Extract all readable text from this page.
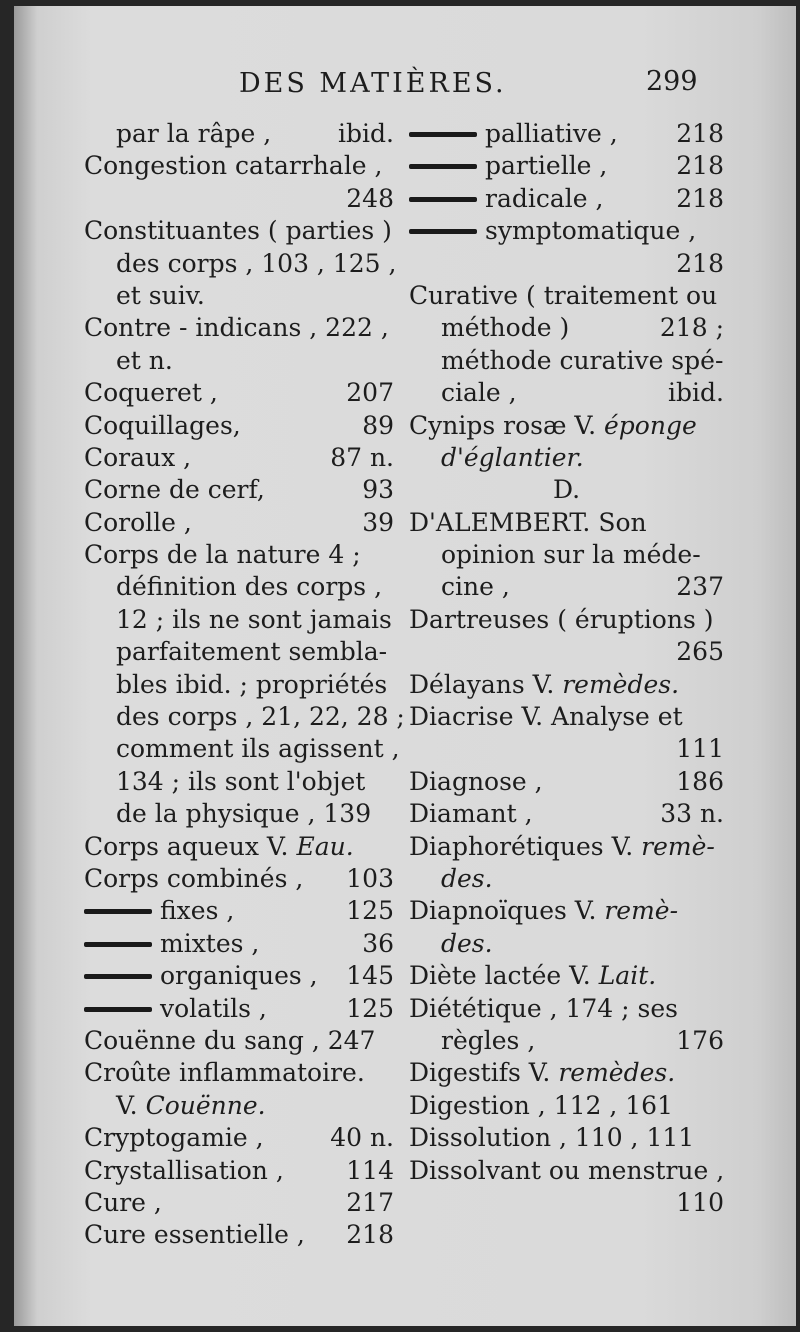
DES MATIÈRES.	299
par la râpe ,	ibid.
Congestion catarrhale ,
248
Constituantes ( parties )
des corps , 103 , 125 ,
et suiv.
Contre - indicans , 222 ,
et n.
Coqueret ,	207
Coquillages,	89
Coraux ,	87 n.
Corne de cerf,	93
Corolle ,	39
Corps de la nature 4 ;
définition des corps ,
12 ; ils ne sont jamais
parfaitement sembla-
bles ibid. ; propriétés
des corps , 21, 22, 28 ;
comment ils agissent ,
134 ; ils sont l'objet
de la physique , 139
Corps aqueux V. Eau.
Corps combinés , 103
fixes ,	125
mixtes ,	36
organiques , 145
volatils ,	125
Couënne du sang , 247
Croûte inflammatoire.
V. Couënne.
Cryptogamie ,	40 n.
Crystallisation , 114
Cure ,	217
Cure essentielle , 218
palliative , 218
partielle ,	218
radicale ,	218
symptomatique ,
218
Curative ( traitement ou
méthode )	218 ;
méthode curative spé-
ciale ,	ibid.
Cynips rosæ V. éponge
d'églantier.
D.
D'ALEMBERT. Son
opinion sur la méde-
cine ,	237
Dartreuses ( éruptions )
265
Délayans V. remèdes.
Diacrise V. Analyse et
111
Diagnose ,	186
Diamant ,	33 n.
Diaphorétiques V. remè-
des.
Diapnoïques V. remè-
des.
Diète lactée V. Lait.
Diététique , 174 ; ses
règles ,	176
Digestifs V. remèdes.
Digestion , 112 , 161
Dissolution , 110 , 111
Dissolvant ou menstrue ,
110
